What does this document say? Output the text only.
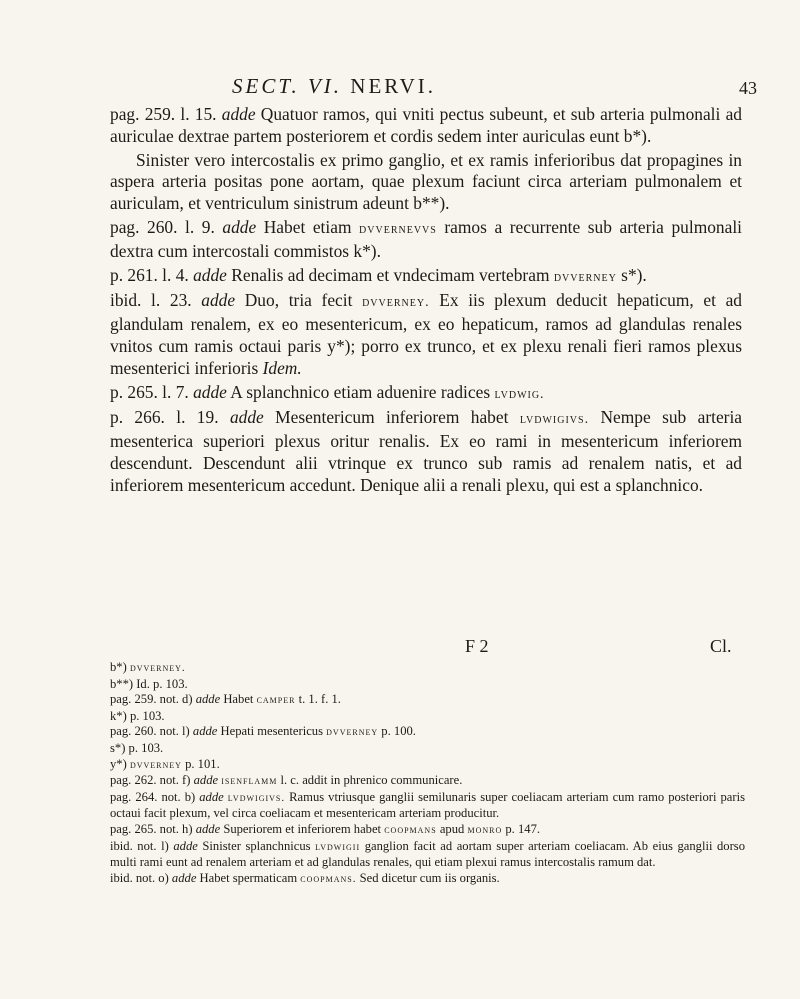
SECT. VI. NERVI.	43

pag. 259. l. 15. adde Quatuor ramos, qui vniti pectus subeunt, et sub arteria pulmonali ad auriculae dextrae partem posteriorem et cordis sedem inter auriculas eunt b*).

Sinister vero intercostalis ex primo ganglio, et ex ramis inferioribus dat propagines in aspera arteria positas pone aortam, quae plexum faciunt circa arteriam pulmonalem et auriculam, et ventriculum sinistrum adeunt b**).

pag. 260. l. 9. adde Habet etiam dvvernevvs ramos a recurrente sub arteria pulmonali dextra cum intercostali commistos k*).

p. 261. l. 4. adde Renalis ad decimam et vndecimam vertebram dvverney s*).

ibid. l. 23. adde Duo, tria fecit dvverney. Ex iis plexum deducit hepaticum, et ad glandulam renalem, ex eo mesentericum, ex eo hepaticum, ramos ad glandulas renales vnitos cum ramis octaui paris y*); porro ex trunco, et ex plexu renali fieri ramos plexus mesenterici inferioris Idem.

p. 265. l. 7. adde A splanchnico etiam aduenire radices lvdwig.

p. 266. l. 19. adde Mesentericum inferiorem habet lvdwigivs. Nempe sub arteria mesenterica superiori plexus oritur renalis. Ex eo rami in mesentericum inferiorem descendunt. Descendunt alii vtrinque ex trunco sub ramis ad renalem natis, et ad inferiorem mesentericum accedunt. Denique alii a renali plexu, qui est a splanchnico.

F 2	Cl.

b*) dvverney.

b**) Id. p. 103.

pag. 259. not. d) adde Habet camper t. 1. f. 1.

k*) p. 103.

pag. 260. not. l) adde Hepati mesentericus dvverney p. 100.

s*) p. 103.

y*) dvverney p. 101.

pag. 262. not. f) adde isenflamm l. c. addit in phrenico communicare.

pag. 264. not. b) adde lvdwigivs. Ramus vtriusque ganglii semilunaris super coeliacam arteriam cum ramo posteriori paris octaui facit plexum, vel circa coeliacam et mesentericam arteriam producitur.

pag. 265. not. h) adde Superiorem et inferiorem habet coopmans apud monro p. 147.

ibid. not. l) adde Sinister splanchnicus lvdwigii ganglion facit ad aortam super arteriam coeliacam. Ab eius ganglii dorso multi rami eunt ad renalem arteriam et ad glandulas renales, qui etiam plexui ramus intercostalis ramum dat.

ibid. not. o) adde Habet spermaticam coopmans. Sed dicetur cum iis organis.
